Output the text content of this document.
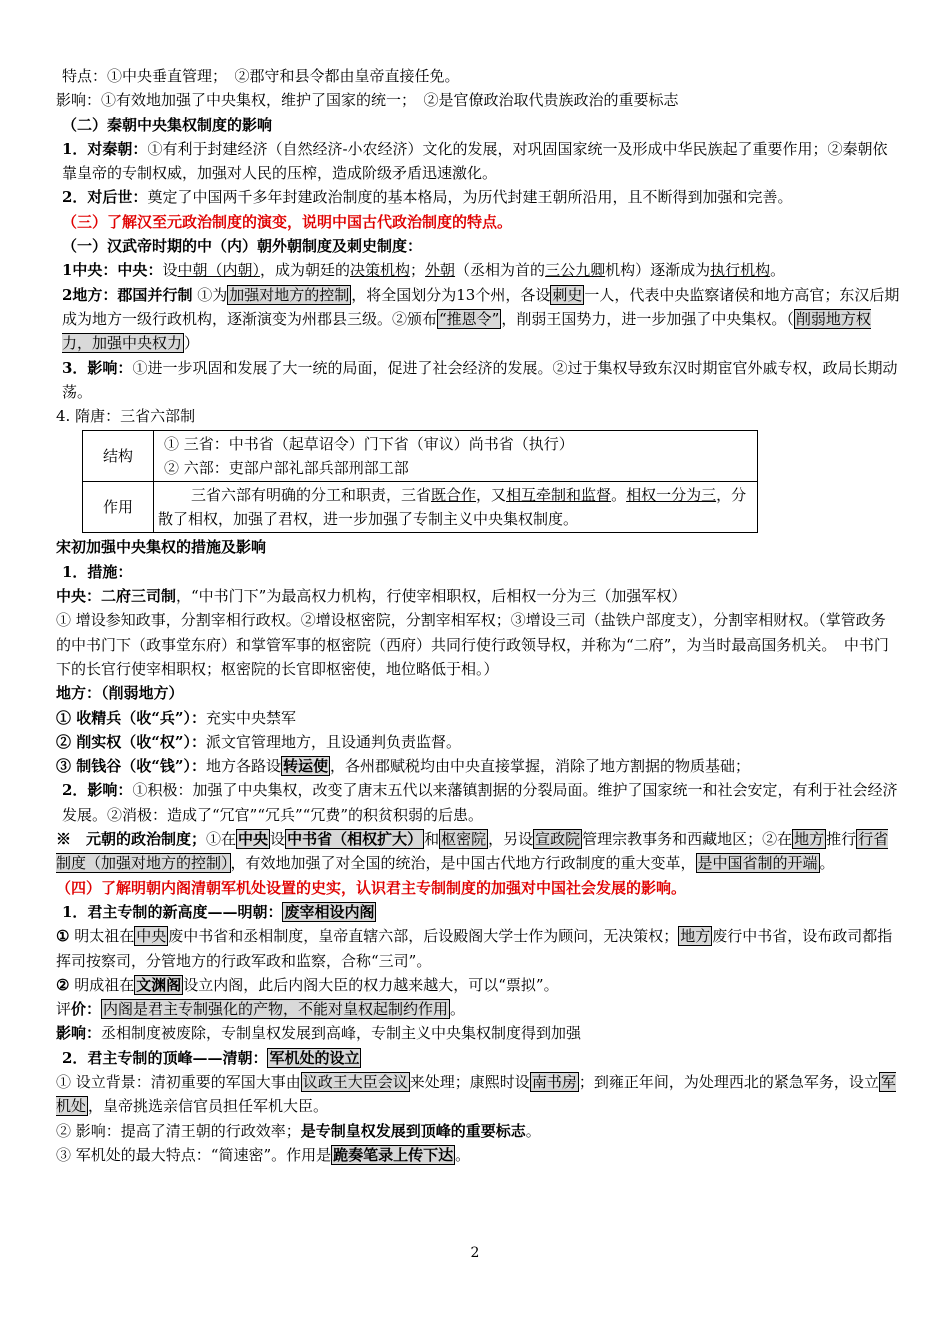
特点：①中央垂直管理；　②郡守和县令都由皇帝直接任免。

影响：①有效地加强了中央集权，维护了国家的统一；　②是官僚政治取代贵族政治的重要标志

（二）秦朝中央集权制度的影响

1．对秦朝：①有利于封建经济（自然经济-小农经济）文化的发展，对巩固国家统一及形成中华民族起了重要作用；②秦朝依靠皇帝的专制权威，加强对人民的压榨，造成阶级矛盾迅速激化。

2．对后世：奠定了中国两千多年封建政治制度的基本格局，为历代封建王朝所沿用，且不断得到加强和完善。

（三）了解汉至元政治制度的演变，说明中国古代政治制度的特点。

（一）汉武帝时期的中（内）朝外朝制度及刺史制度：

1中央：中央：设中朝（内朝），成为朝廷的决策机构；外朝（丞相为首的三公九卿机构）逐渐成为执行机构。

2地方：郡国并行制 ①为 加强对地方的控制 ，将全国划分为13个州，各设 刺史 一人，代表中央监察诸侯和地方高官；东汉后期成为地方一级行政机构，逐渐演变为州郡县三级。②颁布 “推恩令” ，削弱王国势力，进一步加强了中央集权。（ 削弱地方权力，加强中央权力 ）

3．影响：①进一步巩固和发展了大一统的局面，促进了社会经济的发展。②过于集权导致东汉时期宦官外戚专权，政局长期动荡。

4. 隋唐：三省六部制

结构	① 三省：中书省（起草诏令）门下省（审议）尚书省（执行）
② 六部：吏部户部礼部兵部刑部工部

作用	三省六部有明确的分工和职责，三省既合作，又相互牵制和监督。相权一分为三，分散了相权，加强了君权，进一步加强了专制主义中央集权制度。

宋初加强中央集权的措施及影响

1．措施：

中央：二府三司制，“中书门下”为最高权力机构，行使宰相职权，后相权一分为三（加强军权）

① 增设参知政事，分割宰相行政权。②增设枢密院，分割宰相军权；③增设三司（盐铁户部度支），分割宰相财权。（掌管政务的中书门下（政事堂东府）和掌管军事的枢密院（西府）共同行使行政领导权，并称为“二府”，为当时最高国务机关。　中书门下的长官行使宰相职权；枢密院的长官即枢密使，地位略低于相。）

地方：（削弱地方）

① 收精兵（收“兵”）：充实中央禁军

② 削实权（收“权”）：派文官管理地方，且设通判负责监督。

③ 制钱谷（收“钱”）：地方各路设 转运使 ，各州郡赋税均由中央直接掌握，消除了地方割据的物质基础；

2．影响：①积极：加强了中央集权，改变了唐末五代以来藩镇割据的分裂局面。维护了国家统一和社会安定，有利于社会经济发展。②消极：造成了“冗官”“冗兵”“冗费”的积贫积弱的后患。

※　元朝的政治制度；①在 中央 设 中书省（相权扩大） 和 枢密院 ，另设 宣政院 管理宗教事务和西藏地区；②在 地方 推行 行省制度（加强对地方的控制） ，有效地加强了对全国的统治，是中国古代地方行政制度的重大变革， 是中国省制的开端 。

（四）了解明朝内阁清朝军机处设置的史实，认识君主专制制度的加强对中国社会发展的影响。

1．君主专制的新高度——明朝： 废宰相设内阁

① 明太祖在 中央 废中书省和丞相制度，皇帝直辖六部，后设殿阁大学士作为顾问，无决策权； 地方 废行中书省，设布政司都指挥司按察司，分管地方的行政军政和监察，合称“三司”。

② 明成祖在 文渊阁 设立内阁，此后内阁大臣的权力越来越大，可以“票拟”。

评价： 内阁是君主专制强化的产物，不能对皇权起制约作用 。

影响：丞相制度被废除，专制皇权发展到高峰，专制主义中央集权制度得到加强

2．君主专制的顶峰——清朝： 军机处的设立

① 设立背景：清初重要的军国大事由 议政王大臣会议 来处理；康熙时设 南书房 ；到雍正年间，为处理西北的紧急军务，设立 军机处 ，皇帝挑选亲信官员担任军机大臣。

② 影响：提高了清王朝的行政效率；是专制皇权发展到顶峰的重要标志。

③ 军机处的最大特点：“简速密”。作用是 跪奏笔录上传下达 。

2
